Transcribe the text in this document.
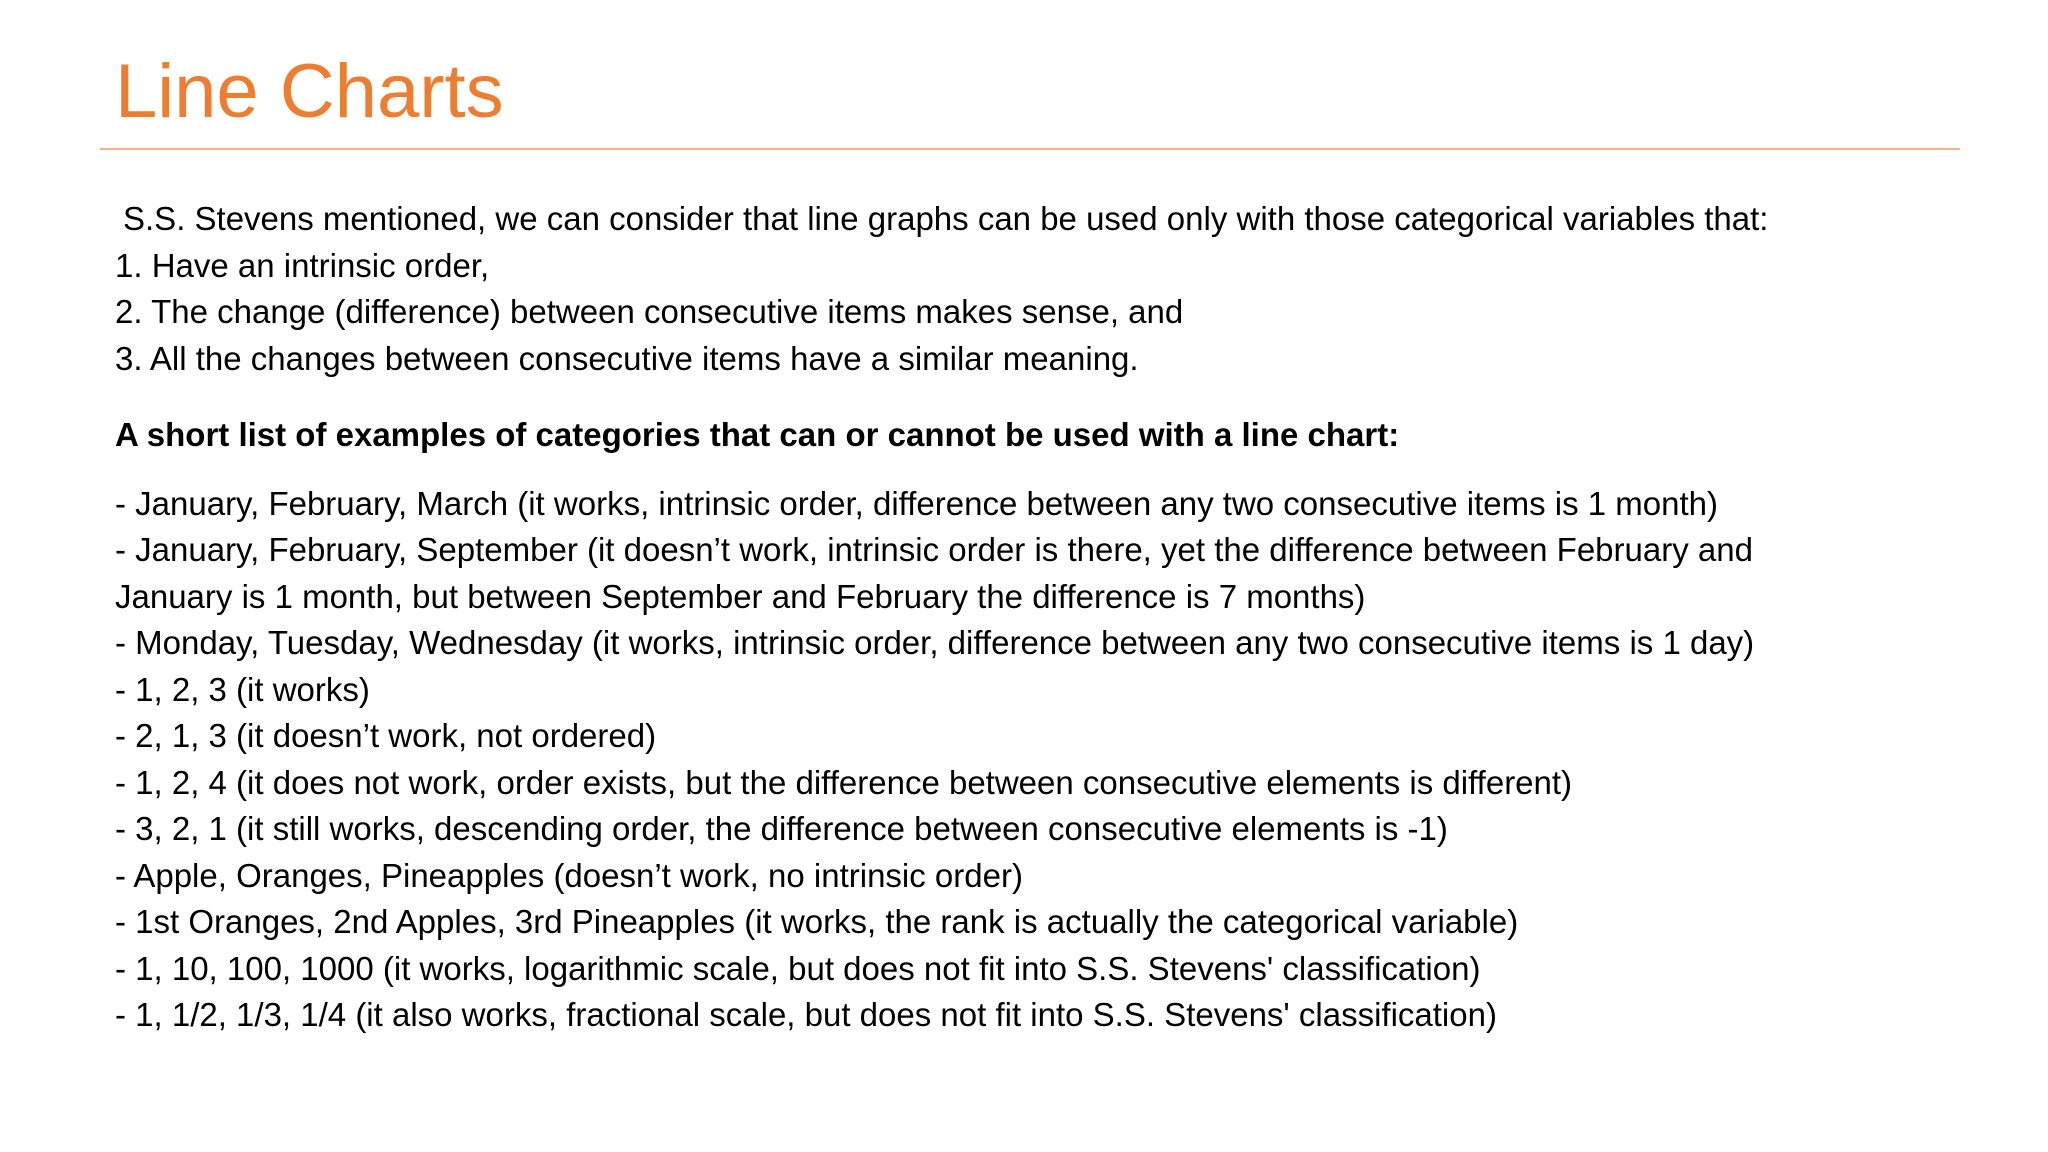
Line Charts
S.S. Stevens mentioned, we can consider that line graphs can be used only with those categorical variables that:
1. Have an intrinsic order,
2. The change (difference) between consecutive items makes sense, and
3. All the changes between consecutive items have a similar meaning.
A short list of examples of categories that can or cannot be used with a line chart:
- January, February, March (it works, intrinsic order, difference between any two consecutive items is 1 month)
- January, February, September (it doesn’t work, intrinsic order is there, yet the difference between February and
January is 1 month, but between September and February the difference is 7 months)
- Monday, Tuesday, Wednesday (it works, intrinsic order, difference between any two consecutive items is 1 day)
- 1, 2, 3 (it works)
- 2, 1, 3 (it doesn’t work, not ordered)
- 1, 2, 4 (it does not work, order exists, but the difference between consecutive elements is different)
- 3, 2, 1 (it still works, descending order, the difference between consecutive elements is -1)
- Apple, Oranges, Pineapples (doesn’t work, no intrinsic order)
- 1st Oranges, 2nd Apples, 3rd Pineapples (it works, the rank is actually the categorical variable)
- 1, 10, 100, 1000 (it works, logarithmic scale, but does not fit into S.S. Stevens' classification)
- 1, 1/2, 1/3, 1/4 (it also works, fractional scale, but does not fit into S.S. Stevens' classification)
